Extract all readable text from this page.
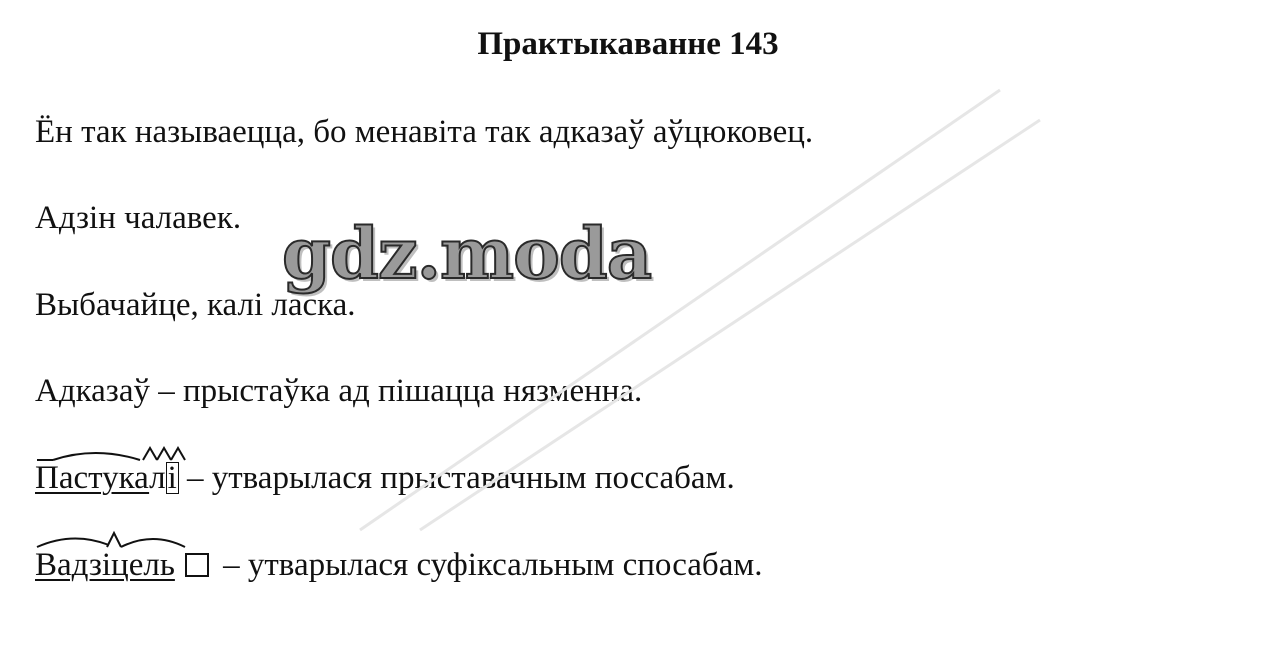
Практыкаванне 143
Ён так называецца, бо менавіта так адказаў аўцюковец.
Адзін чалавек.
Выбачайце, калі ласка.
Адказаў – прыстаўка ад пішацца нязменна.
Пастукалі – утварылася прыставачным поссабам.
Вадзіцель – утварылася суфіксальным спосабам.
gdz.moda
